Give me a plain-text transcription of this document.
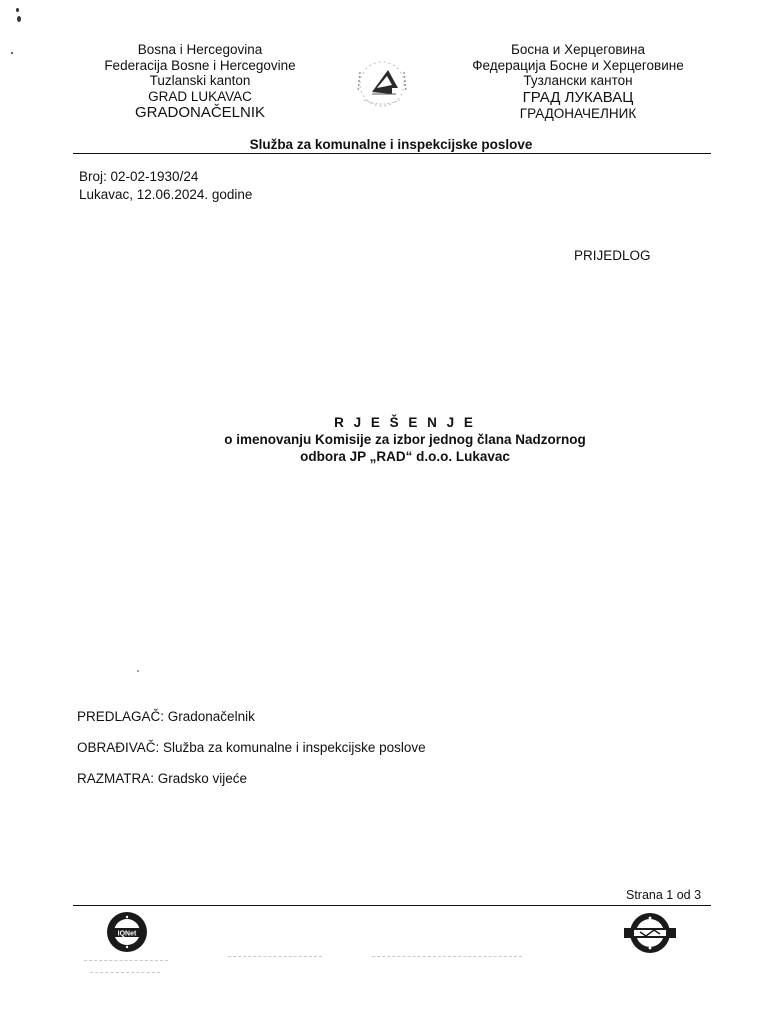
Bosna i Hercegovina
Federacija Bosne i Hercegovine
Tuzlanski kanton
GRAD LUKAVAC
GRADONAČELNIK
Босна и Херцеговина
Федерација Босне и Херцеговине
Тузлански кантон
ГРАД ЛУКАВАЦ
ГРАДОНАЧЕЛНИК
Služba za komunalne i inspekcijske poslove
Broj: 02-02-1930/24
Lukavac, 12.06.2024. godine
PRIJEDLOG
R J E Š E N J E
o imenovanju Komisije za izbor jednog člana Nadzornog
odbora JP „RAD“ d.o.o. Lukavac
PREDLAGAČ: Gradonačelnik
OBRAĐIVAČ: Služba za komunalne i inspekcijske poslove
RAZMATRA: Gradsko vijeće
Strana 1 od 3
IQNet
